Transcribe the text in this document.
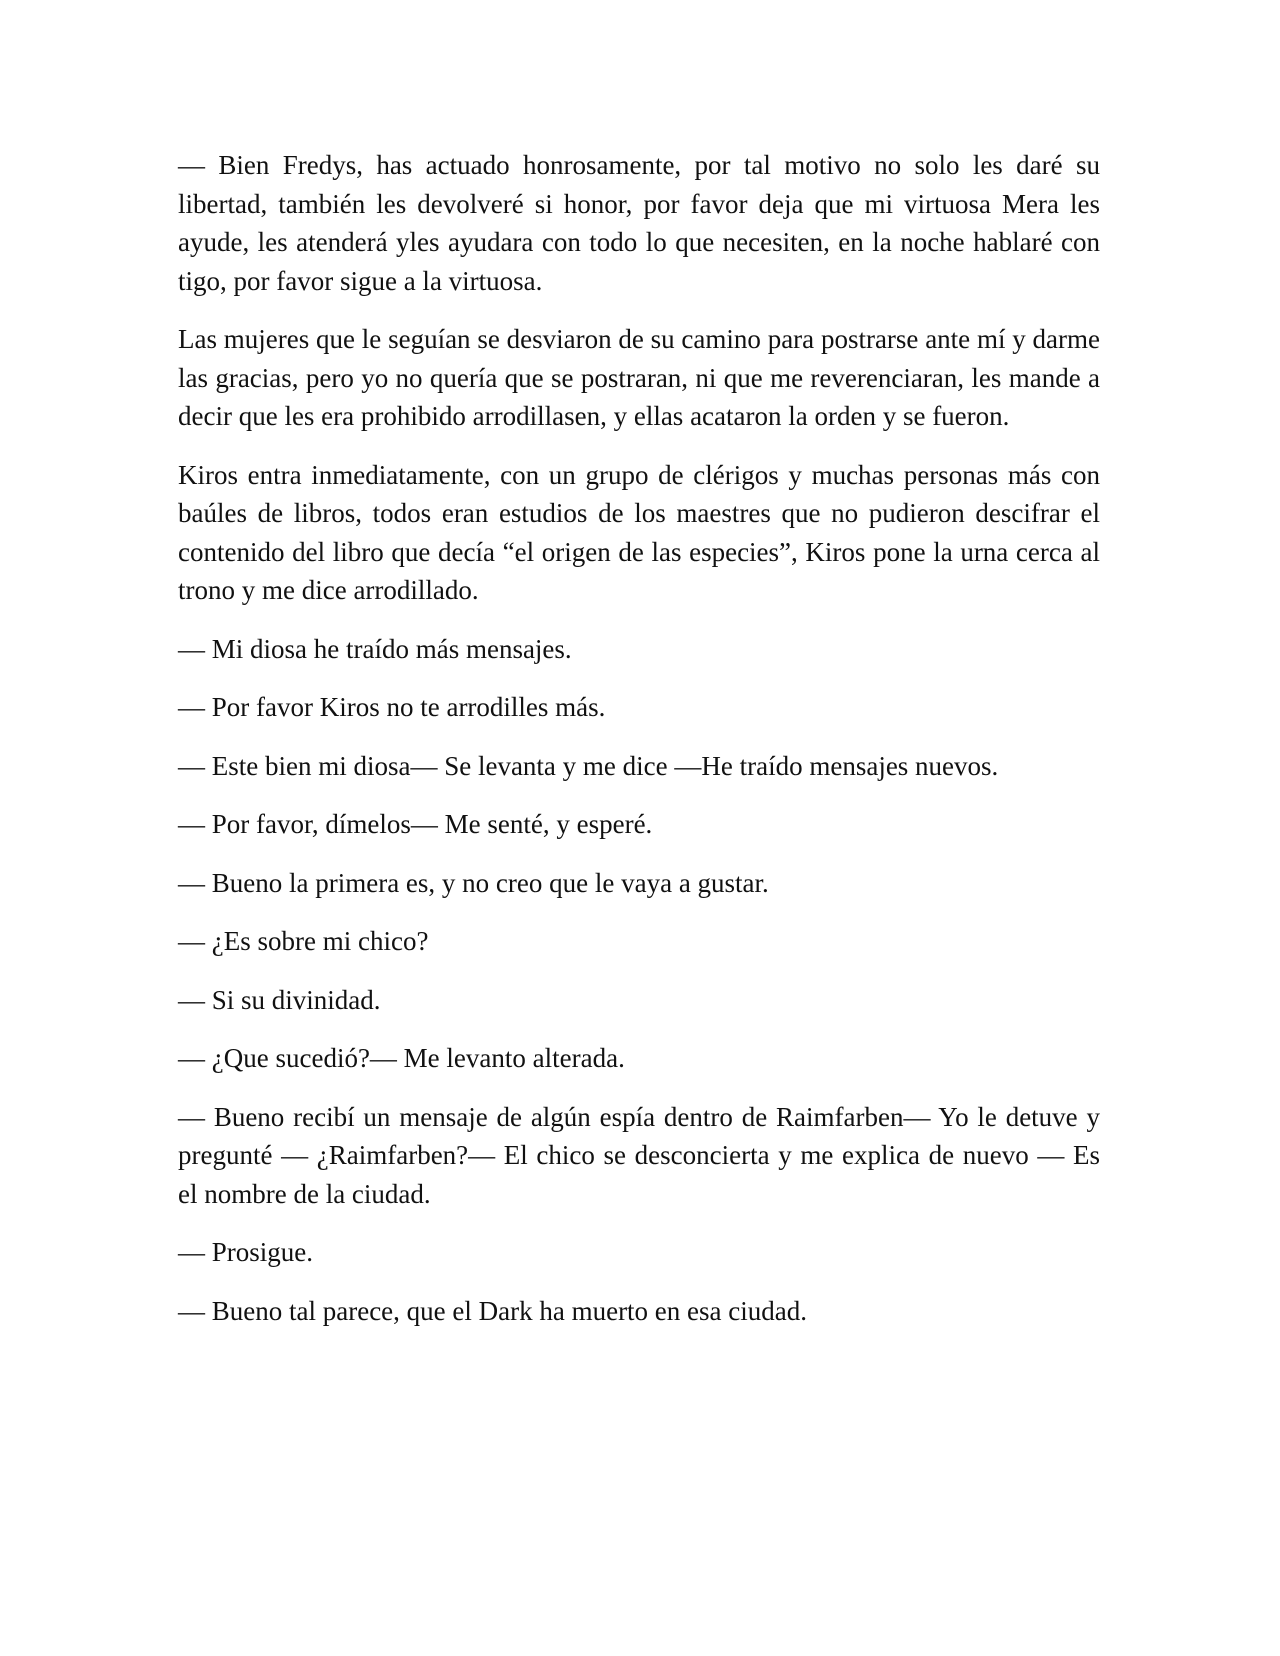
— Bien Fredys, has actuado honrosamente, por tal motivo no solo les daré su libertad, también les devolveré si honor, por favor deja que mi virtuosa Mera les ayude, les atenderá yles ayudara con todo lo que necesiten, en la noche hablaré con tigo, por favor sigue a la virtuosa.

Las mujeres que le seguían se desviaron de su camino para postrarse ante mí y darme las gracias, pero yo no quería que se postraran, ni que me reverenciaran, les mande a decir que les era prohibido arrodillasen, y ellas acataron la orden y se fueron.

Kiros entra inmediatamente, con un grupo de clérigos y muchas personas más con baúles de libros, todos eran estudios de los maestres que no pudieron descifrar el contenido del libro que decía “el origen de las especies”, Kiros pone la urna cerca al trono y me dice arrodillado.

— Mi diosa he traído más mensajes.

— Por favor Kiros no te arrodilles más.

— Este bien mi diosa— Se levanta y me dice —He traído mensajes nuevos.

— Por favor, dímelos— Me senté, y esperé.

— Bueno la primera es, y no creo que le vaya a gustar.

— ¿Es sobre mi chico?

— Si su divinidad.

— ¿Que sucedió?— Me levanto alterada.

— Bueno recibí un mensaje de algún espía dentro de Raimfarben— Yo le detuve y pregunté — ¿Raimfarben?— El chico se desconcierta y me explica de nuevo — Es el nombre de la ciudad.

— Prosigue.

— Bueno tal parece, que el Dark ha muerto en esa ciudad.
